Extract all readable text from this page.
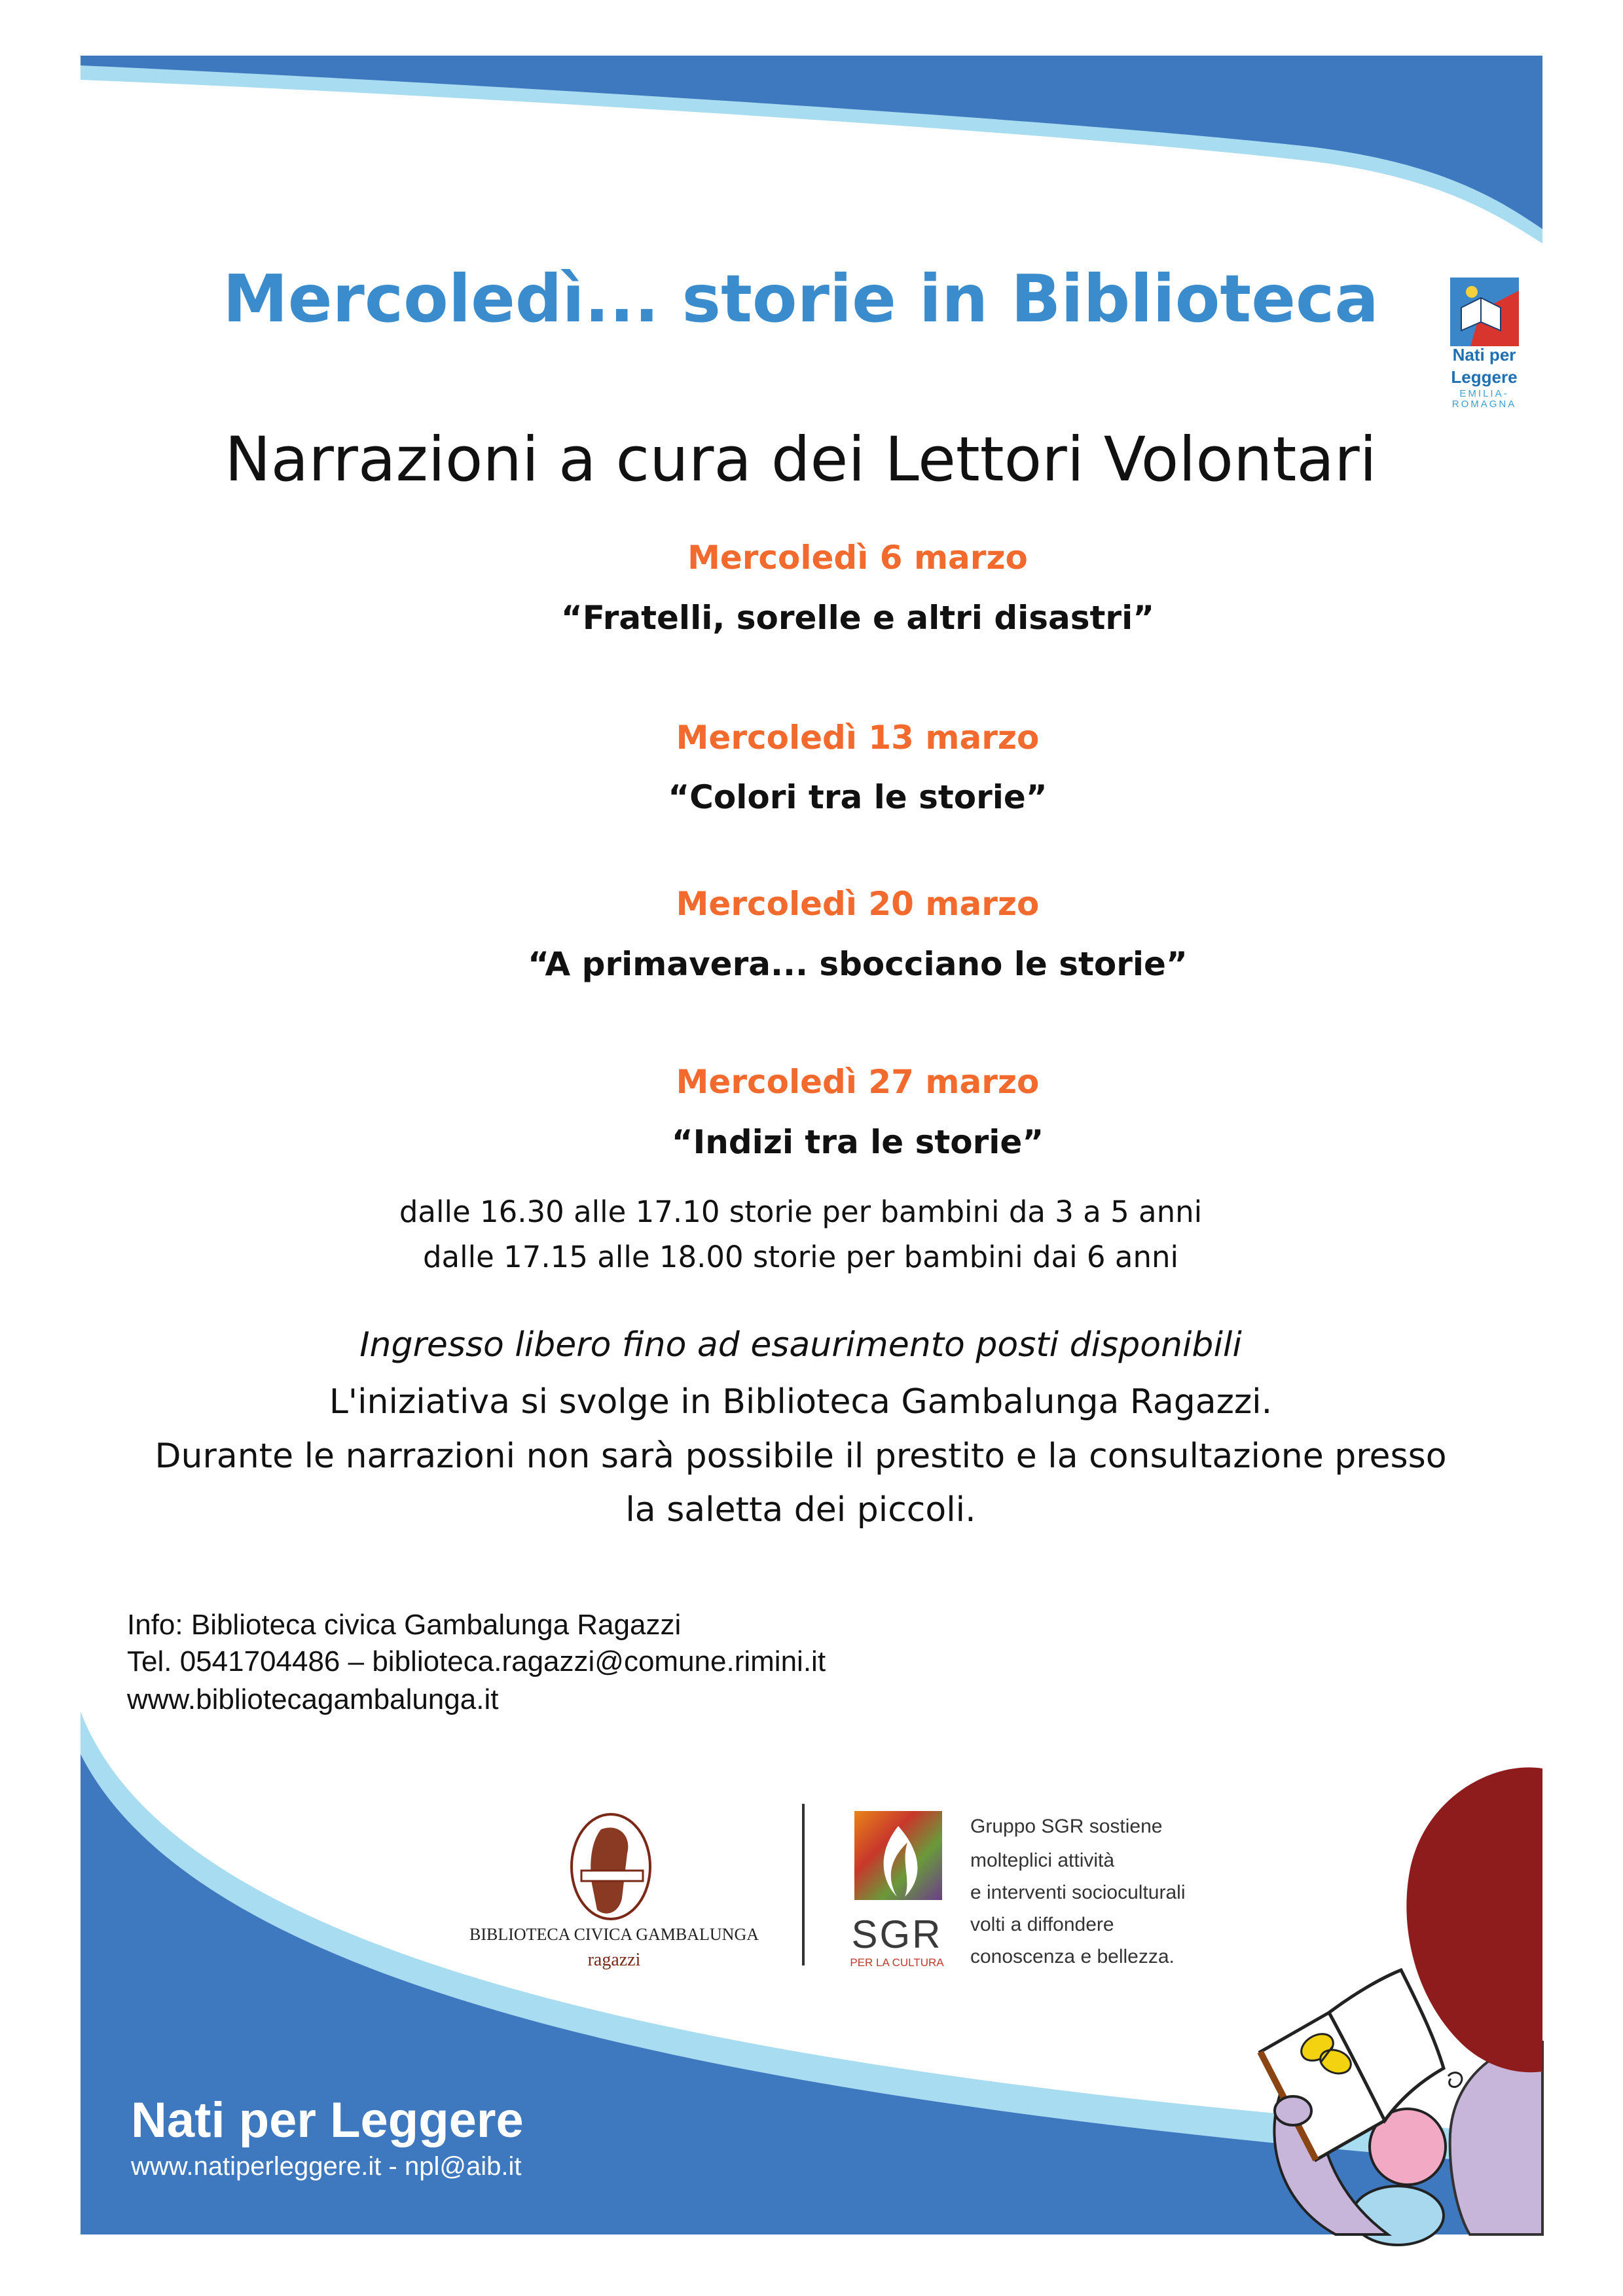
Mercoledì... storie in Biblioteca
Narrazioni a cura dei Lettori Volontari
Nati per
Leggere
EMILIA-
ROMAGNA
Mercoledì 6 marzo
“Fratelli, sorelle e altri disastri”
Mercoledì 13 marzo
“Colori tra le storie”
Mercoledì 20 marzo
“A primavera... sbocciano le storie”
Mercoledì 27 marzo
“Indizi tra le storie”
dalle 16.30 alle 17.10 storie per bambini da 3 a 5 anni
dalle 17.15 alle 18.00 storie per bambini dai 6 anni
Ingresso libero fino ad esaurimento posti disponibili
L'iniziativa si svolge in Biblioteca Gambalunga Ragazzi.
Durante le narrazioni non sarà possibile il prestito e la consultazione presso
la saletta dei piccoli.
Info: Biblioteca civica Gambalunga Ragazzi
Tel. 0541704486 – biblioteca.ragazzi@comune.rimini.it
www.bibliotecagambalunga.it
BIBLIOTECA CIVICA GAMBALUNGA
ragazzi
SGR
PER LA CULTURA
Gruppo SGR sostiene
molteplici attività
e interventi socioculturali
volti a diffondere
conoscenza e bellezza.
Nati per Leggere
www.natiperleggere.it - npl@aib.it
